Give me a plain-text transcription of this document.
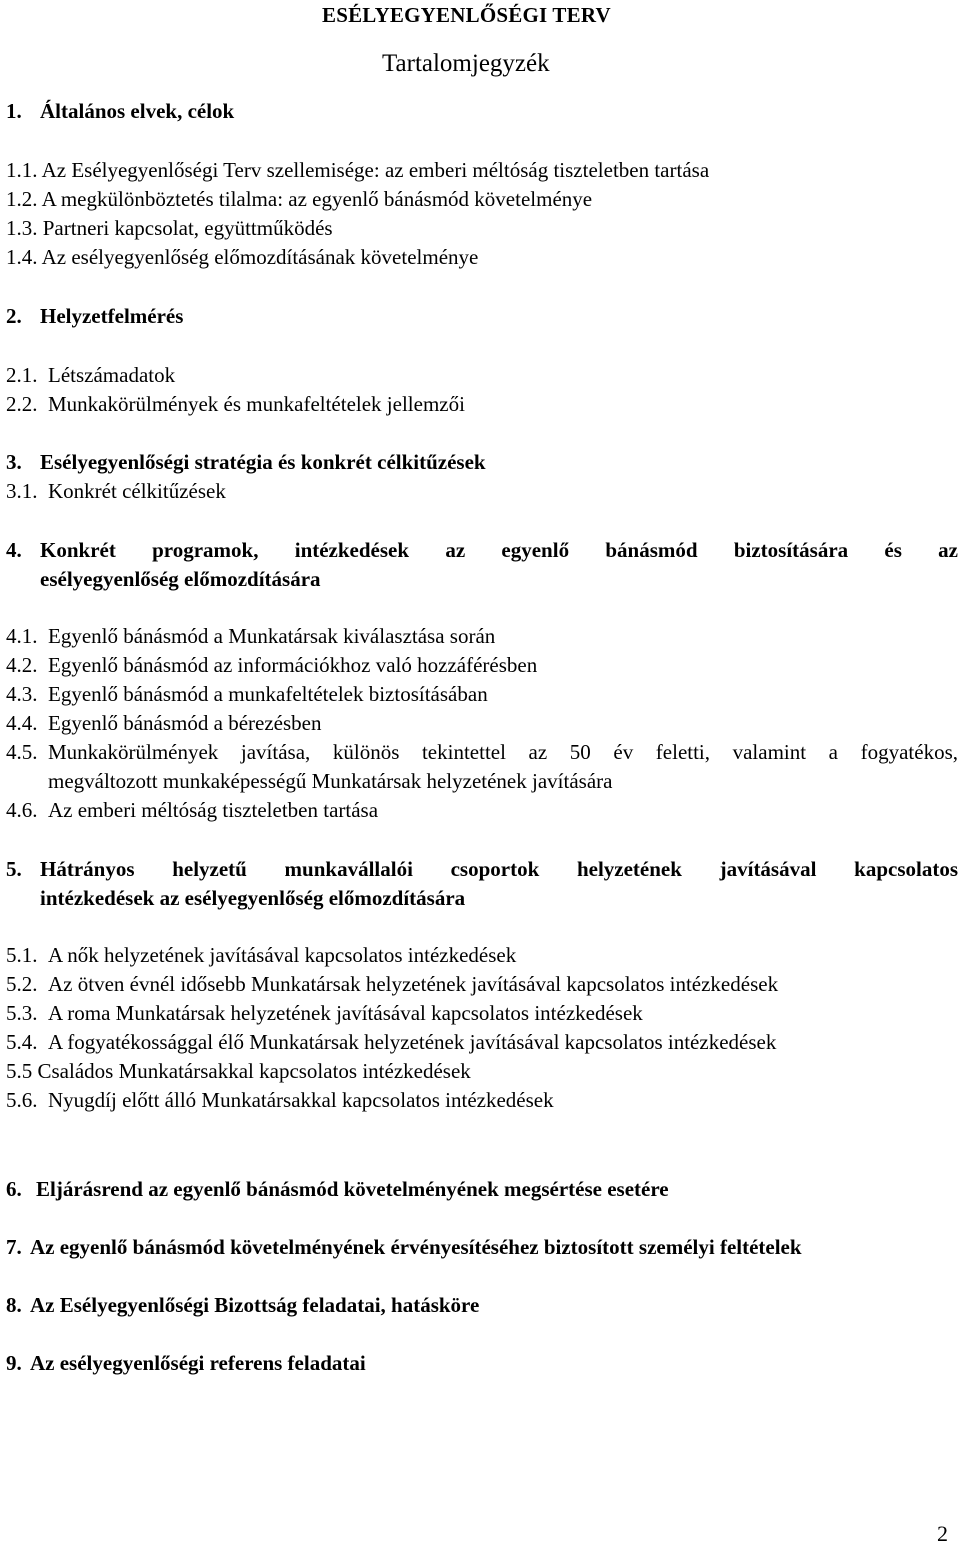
ESÉLYEGYENLŐSÉGI TERV
Tartalomjegyzék
1. Általános elvek, célok
1.1. Az Esélyegyenlőségi Terv szellemisége: az emberi méltóság tiszteletben tartása
1.2. A megkülönböztetés tilalma: az egyenlő bánásmód követelménye
1.3. Partneri kapcsolat, együttműködés
1.4. Az esélyegyenlőség előmozdításának követelménye
2. Helyzetfelmérés
2.1. Létszámadatok
2.2. Munkakörülmények és munkafeltételek jellemzői
3. Esélyegyenlőségi stratégia és konkrét célkitűzések
3.1. Konkrét célkitűzések
4. Konkrét programok, intézkedések az egyenlő bánásmód biztosítására és az
esélyegyenlőség előmozdítására
4.1. Egyenlő bánásmód a Munkatársak kiválasztása során
4.2. Egyenlő bánásmód az információkhoz való hozzáférésben
4.3. Egyenlő bánásmód a munkafeltételek biztosításában
4.4. Egyenlő bánásmód a bérezésben
4.5. Munkakörülmények javítása, különös tekintettel az 50 év feletti, valamint a fogyatékos,
megváltozott munkaképességű Munkatársak helyzetének javítására
4.6. Az emberi méltóság tiszteletben tartása
5. Hátrányos helyzetű munkavállalói csoportok helyzetének javításával kapcsolatos
intézkedések az esélyegyenlőség előmozdítására
5.1. A nők helyzetének javításával kapcsolatos intézkedések
5.2. Az ötven évnél idősebb Munkatársak helyzetének javításával kapcsolatos intézkedések
5.3. A roma Munkatársak helyzetének javításával kapcsolatos intézkedések
5.4. A fogyatékossággal élő Munkatársak helyzetének javításával kapcsolatos intézkedések
5.5 Családos Munkatársakkal kapcsolatos intézkedések
5.6. Nyugdíj előtt álló Munkatársakkal kapcsolatos intézkedések
6. Eljárásrend az egyenlő bánásmód követelményének megsértése esetére
7. Az egyenlő bánásmód követelményének érvényesítéséhez biztosított személyi feltételek
8. Az Esélyegyenlőségi Bizottság feladatai, hatásköre
9. Az esélyegyenlőségi referens feladatai
2
